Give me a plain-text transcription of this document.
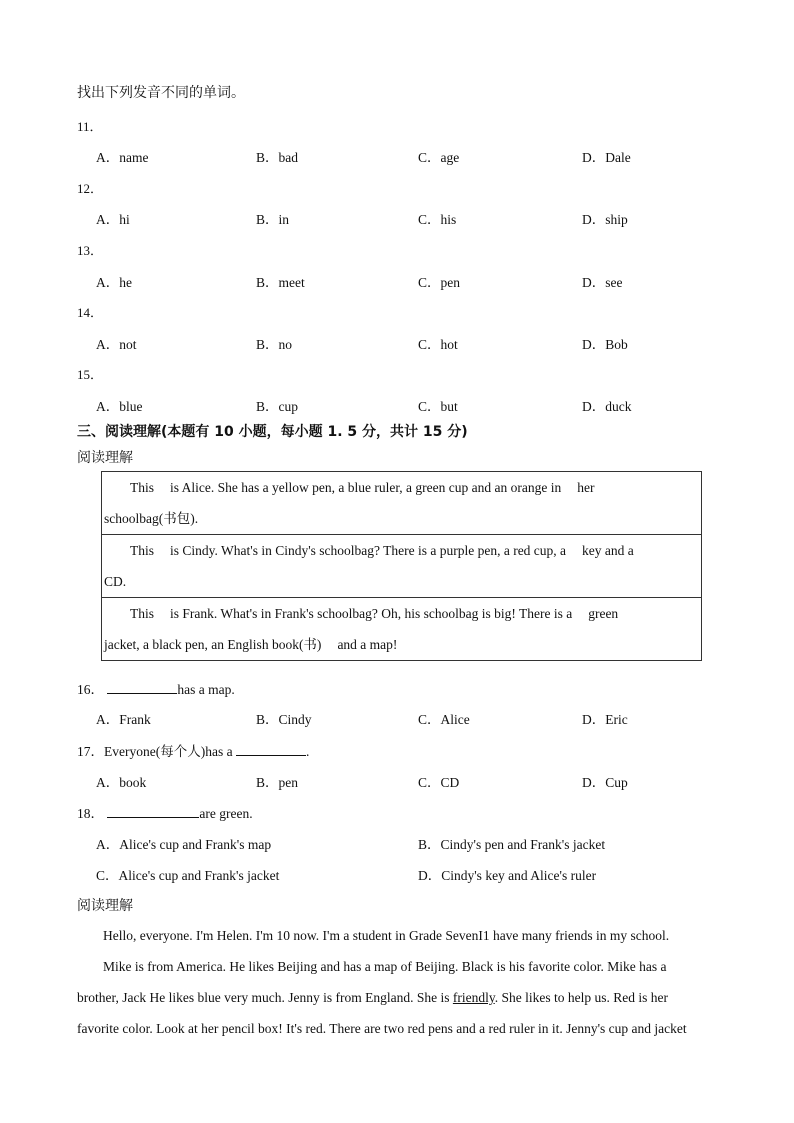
找出下列发音不同的单词。
11．
A．name	B．bad	C．age	D．Dale
12．
A．hi	B．in	C．his	D．ship
13．
A．he	B．meet	C．pen	D．see
14．
A．not	B．no	C．hot	D．Bob
15．
A．blue	B．cup	C．but	D．duck
三、阅读理解(本题有 10 小题，每小题 1. 5 分，共计 15 分)
阅读理解
This is Alice. She has a yellow pen, a blue ruler, a green cup and an orange in her
schoolbag(书包).
This is Cindy. What's in Cindy's schoolbag? There is a purple pen, a red cup, a key and a
CD.
This is Frank. What's in Frank's schoolbag? Oh, his schoolbag is big! There is a green
jacket, a black pen, an English book(书) and a map!
16．	has a map.
A．Frank	B．Cindy	C．Alice	D．Eric
17．Everyone(每个人)has a	.
A．book	B．pen	C．CD	D．Cup
18．	are green.
A．Alice's cup and Frank's map	B．Cindy's pen and Frank's jacket
C．Alice's cup and Frank's jacket	D．Cindy's key and Alice's ruler
阅读理解

Hello, everyone. I'm Helen. I'm 10 now. I'm a student in Grade SevenI1 have many friends in my school.

Mike is from America. He likes Beijing and has a map of Beijing. Black is his favorite color. Mike has a

brother, Jack He likes blue very much. Jenny is from England. She is friendly. She likes to help us. Red is her

favorite color. Look at her pencil box! It's red. There are two red pens and a red ruler in it. Jenny's cup and jacket
